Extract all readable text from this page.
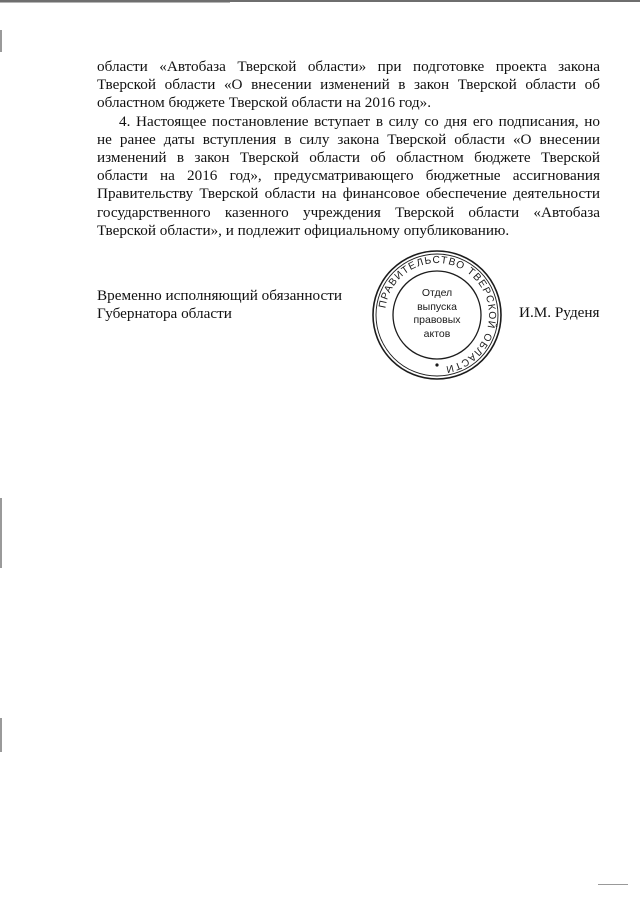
области «Автобаза Тверской области» при подготовке проекта закона Тверской области «О внесении изменений в закон Тверской области об областном бюджете Тверской области на 2016 год».

4. Настоящее постановление вступает в силу со дня его подписания, но не ранее даты вступления в силу закона Тверской области «О внесении изменений в закон Тверской области об областном бюджете Тверской области на 2016 год», предусматривающего бюджетные ассигнования Правительству Тверской области на финансовое обеспечение деятельности государственного казенного учреждения Тверской области «Автобаза Тверской области», и подлежит официальному опубликованию.

Временно исполняющий обязанности
Губернатора области
ПРАВИТЕЛЬСТВО ТВЕРСКОЙ ОБЛАСТИ
Отдел
выпуска
правовых
актов
И.М. Руденя
